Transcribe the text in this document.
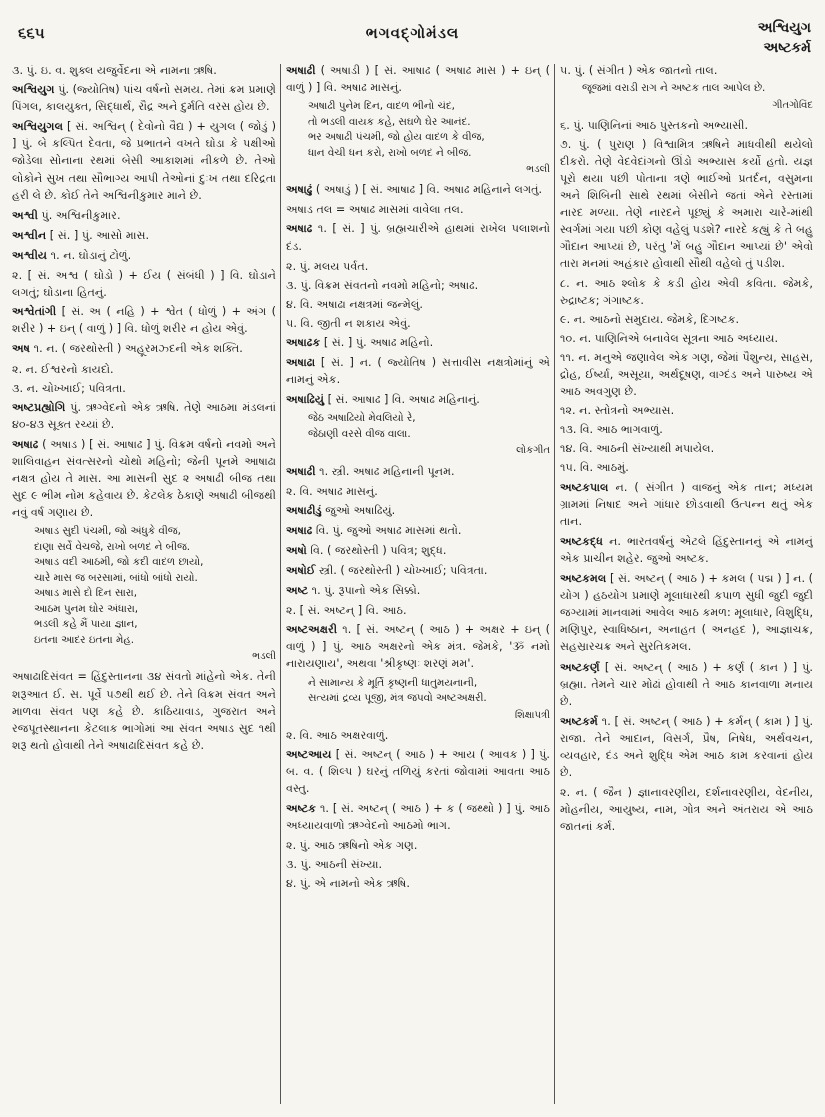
૬૬૫	ભગવદ્ગોમંડલ	અશ્વિયુગ
અષ્ટકર્મ
૩. પું. ઇ. વ. શુક્લ યજુર્વેદના એ નામના ઋષિ.
અશ્વિયુગ પું. (જ્યોતિષ) પાંચ વર્ષનો સમય. તેમાં ક્રમ પ્રમાણે પિંગલ, કાલયુક્ત, સિદ્ધાર્થ, રૌદ્ર અને દુર્મતિ વરસ હોય છે.
અશ્વિયુગલ [ સં. અશ્વિન્ ( દેવોનો વૈદ્ય ) + યુગલ ( જોડું ) ] પું. બે કલ્પિત દેવતા, જે પ્રભાતને વખતે ઘોડા કે પક્ષીઓ જોડેલા સોનાના રથમાં બેસી આકાશમાં નીકળે છે. તેઓ લોકોને સુખ તથા સૌભાગ્ય આપી તેઓનાં દુઃખ તથા દરિદ્રતા હરી લે છે. કોઈ તેને અશ્વિનીકુમાર માને છે.
અશ્વી પું. અશ્વિનીકુમાર.
અશ્વીન [ સં. ] પું. આસો માસ.
અશ્વીય ૧. ન. ઘોડાનું ટોળું.
૨. [ સં. અશ્વ ( ઘોડો ) + ઈય ( સંબંધી ) ] વિ. ઘોડાને લગતું; ઘોડાના હિતનું.
અશ્વેતાંગી [ સં. અ ( નહિ ) + શ્વેત ( ધોળું ) + અંગ ( શરીર ) + ઇન્ ( વાળું ) ] વિ. ધોળું શરીર ન હોય એવું.
અષ ૧. ન. ( જરથોસ્તી ) અહૂરમઝ્દની એક શક્તિ.
૨. ન. ઈશ્વરનો કાયદો.
૩. ન. ચોખ્ખાઈ; પવિત્રતા.
અષ્ટપ્રહ્યોગિ પું. ઋગ્વેદનો એક ઋષિ. તેણે આઠમા મંડલનાં ૪૦-૪૩ સૂક્ત રચ્યાં છે.
અષાઢ ( અષાડ ) [ સં. આષાઢ ] પું. વિક્રમ વર્ષનો નવમો અને શાલિવાહન સંવત્સરનો ચોથો મહિનો; જેની પૂનમે આષાઢા નક્ષત્ર હોય તે માસ. આ માસની સુદ ૨ અષાઢી બીજ તથા સુદ ૯ ભીમ નોમ કહેવાય છે. કેટલેક ઠેકાણે અષાઢી બીજથી નવું વર્ષ ગણાય છે.
અષાડ સુદી પંચમી, જો અંધુકે વીજ,
દાણા સર્વે વેચજે, રાખો બળદ ને બીજ.
અષાડ વદી આઠમી, જો કદી વાદળ છાયો,
ચારે માસ જ બરસામાં, બાંધો બાંધો રાયો.
અષાડ માસે દો દિન સારા,
આઠમ પુનમ ઘોર અંધારા,
ભડલી કહે મૈં પાયા જ્ઞાન,
ઇતના આદર ઇતના મેહ.
ભડલી
અષાઢાદિસંવત = હિંદુસ્તાનના ૩૪ સંવતો માંહેનો એક. તેની શરૂઆત ઈ. સ. પૂર્વે ૫૭થી થઈ છે. તેને વિક્રમ સંવત અને માળવા સંવત પણ કહે છે. કાઠિયાવાડ, ગુજરાત અને રજપૂતસ્થાનના કેટલાક ભાગોમાં આ સંવત અષાડ સુદ ૧થી શરૂ થતો હોવાથી તેને અષાઢાદિસંવત કહે છે.
અષાઢી ( અષાડી ) [ સં. આષાઢ ( અષાઢ માસ ) + ઇન્ ( વાળું ) ] વિ. અષાઢ માસનું.
અષાઢી પુનેમ દિન, વાદળ ભીનો ચંદ,
તો ભડલી વાયક કહે, સઘળે ઘેર આનંદ.
ભર અષાઢી પંચમી, જો હોય વાદળ કે વીજ,
ધાન વેચી ધન કરો, રાખો બળદ ને બીજ.
ભડલી
અષાઢું ( અષાડું ) [ સં. આષાઢ ] વિ. અષાઢ મહિનાને લગતું.
અષાડ તલ = અષાઢ માસમાં વાવેલા તલ.
અષાઢ ૧. [ સં. ] પું. બ્રહ્મચારીએ હાથમાં રાખેલ પલાશનો દંડ.
૨. પું. મલય પર્વત.
૩. પું. વિક્રમ સંવતનો નવમો મહિનો; અષાઢ.
૪. વિ. અષાઢા નક્ષત્રમાં જન્મેલું.
૫. વિ. જીતી ન શકાય એવું.
અષાઢક [ સં. ] પું. અષાઢ મહિનો.
અષાઢા [ સં. ] ન. ( જ્યોતિષ ) સત્તાવીસ નક્ષત્રોમાંનું એ નામનું એક.
અષાઢિયું [ સં. આષાઢ ] વિ. અષાઢ મહિનાનું.
જેઠ અષાઢિયો મેવલિયો રે,
જેઠાણી વરસે વીજ વાલા.
લોકગીત
અષાઢી ૧. સ્ત્રી. અષાઢ મહિનાની પૂનમ.
૨. વિ. અષાઢ માસનું.
અષાઢીડું જુઓ અષાઢિયું.
અષાઢ વિ. પું. જુઓ અષાઢ માસમાં થતો.
અષો વિ. ( જરથોસ્તી ) પવિત્ર; શુદ્ધ.
અષોઈ સ્ત્રી. ( જરથોસ્તી ) ચોખ્ખાઈ; પવિત્રતા.
અષ્ટ ૧. પું. રૂપાનો એક સિક્કો.
૨. [ સં. અષ્ટન્ ] વિ. આઠ.
અષ્ટઅક્ષરી ૧. [ સં. અષ્ટન્ ( આઠ ) + અક્ષર + ઇન્ ( વાળું ) ] પું. આઠ અક્ષરનો એક મંત્ર. જેમકે, 'ૐ નમો નારાયણાય', અથવા 'શ્રીકૃષ્ણઃ શરણં મમ'.
ને સામાન્ય કે મૂર્તિ કૃષ્ણની ધાતુમયનાની,
સત્યમાં દ્રવ્ય પૂજી, મંત્ર જપવો અષ્ટઅક્ષરી.
શિક્ષાપત્રી
૨. વિ. આઠ અક્ષરવાળું.
અષ્ટઆય [ સં. અષ્ટન્ ( આઠ ) + આય ( આવક ) ] પું. બ. વ. ( શિલ્પ ) ઘરનું તળિયું કરતાં જોવામાં આવતા આઠ વસ્તુ.
અષ્ટક ૧. [ સં. અષ્ટન્ ( આઠ ) + ક ( જથ્થો ) ] પું. આઠ અધ્યાયવાળો ઋગ્વેદનો આઠમો ભાગ.
૨. પું. આઠ ઋષિનો એક ગણ.
૩. પું. આઠની સંખ્યા.
૪. પું. એ નામનો એક ઋષિ.
૫. પું. ( સંગીત ) એક જાતનો તાલ.
જૂજમાં વરાડી રાગ ને અષ્ટક તાલ આપેલ છે.
ગીતગોવિંદ
૬. પું. પાણિનિનાં આઠ પુસ્તકનો અભ્યાસી.
૭. પું. ( પુરાણ ) વિશ્વામિત્ર ઋષિને માધવીથી થયેલો દીકરો. તેણે વેદવેદાંગનો ઊંડો અભ્યાસ કર્યો હતો. યજ્ઞ પૂરો થયા પછી પોતાના ત્રણે ભાઈઓ પ્રતર્દન, વસુમના અને શિબિની સાથે રથમાં બેસીને જતાં એને રસ્તામાં નારદ મળ્યા. તેણે નારદને પૂછ્યું કે અમારા ચારે-માંથી સ્વર્ગમાં ગયા પછી કોણ વહેલું પડશે? નારદે કહ્યું કે તે બહુ ગૌદાન આપ્યાં છે, પરંતુ 'મેં બહુ ગૌદાન આપ્યાં છે' એવો તારા મનમાં અહંકાર હોવાથી સૌથી વહેલો તું પડીશ.
૮. ન. આઠ શ્લોક કે કડી હોય એવી કવિતા. જેમકે, રુદ્રાષ્ટક; ગંગાષ્ટક.
૯. ન. આઠનો સમુદાય. જેમકે, દિગષ્ટક.
૧૦. ન. પાણિનિએ બનાવેલ સૂત્રના આઠ અધ્યાય.
૧૧. ન. મનુએ જણાવેલ એક ગણ, જેમાં પૈશુન્ય, સાહસ, દ્રોહ, ઈર્ષ્યા, અસૂયા, અર્થદૂષણ, વાગ્દંડ અને પારુષ્ય એ આઠ અવગુણ છે.
૧૨. ન. સ્તોત્રનો અભ્યાસ.
૧૩. વિ. આઠ ભાગવાળું.
૧૪. વિ. આઠની સંખ્યાથી મપાયેલ.
૧૫. વિ. આઠમું.
અષ્ટકપાલ ન. ( સંગીત ) વાજનું એક તાન; મધ્યમ ગ્રામમાં નિષાદ અને ગાંધાર છોડવાથી ઉત્પન્ન થતું એક તાન.
અષ્ટકદ્ધ ન. ભારતવર્ષનું એટલે હિંદુસ્તાનનું એ નામનું એક પ્રાચીન શહેર. જુઓ અષ્ટક.
અષ્ટકમલ [ સં. અષ્ટન્ ( આઠ ) + કમલ ( પદ્મ ) ] ન. ( યોગ ) હઠયોગ પ્રમાણે મૂલાધારથી કપાળ સુધી જુદી જુદી જગ્યામાં માનવામાં આવેલ આઠ કમળ: મૂલાધાર, વિશુદ્ધિ, મણિપુર, સ્વાધિષ્ઠાન, અનાહત ( અનહદ ), આજ્ઞાચક્ર, સહસ્રારચક્ર અને સુરતિકમલ.
અષ્ટકર્ણ [ સં. અષ્ટન્ ( આઠ ) + કર્ણ ( કાન ) ] પું. બ્રહ્મા. તેમને ચાર મોઢાં હોવાથી તે આઠ કાનવાળા મનાય છે.
અષ્ટકર્મ ૧. [ સં. અષ્ટન્ ( આઠ ) + કર્મન્ ( કામ ) ] પું. રાજા. તેને આદાન, વિસર્ગ, પ્રૈષ, નિષેધ, અર્થવચન, વ્યવહાર, દંડ અને શુદ્ધિ એમ આઠ કામ કરવાનાં હોય છે.
૨. ન. ( જૈન ) જ્ઞાનાવરણીય, દર્શનાવરણીય, વેદનીય, મોહનીય, આયુષ્ય, નામ, ગોત્ર અને અંતરાય એ આઠ જાતનાં કર્મ.
